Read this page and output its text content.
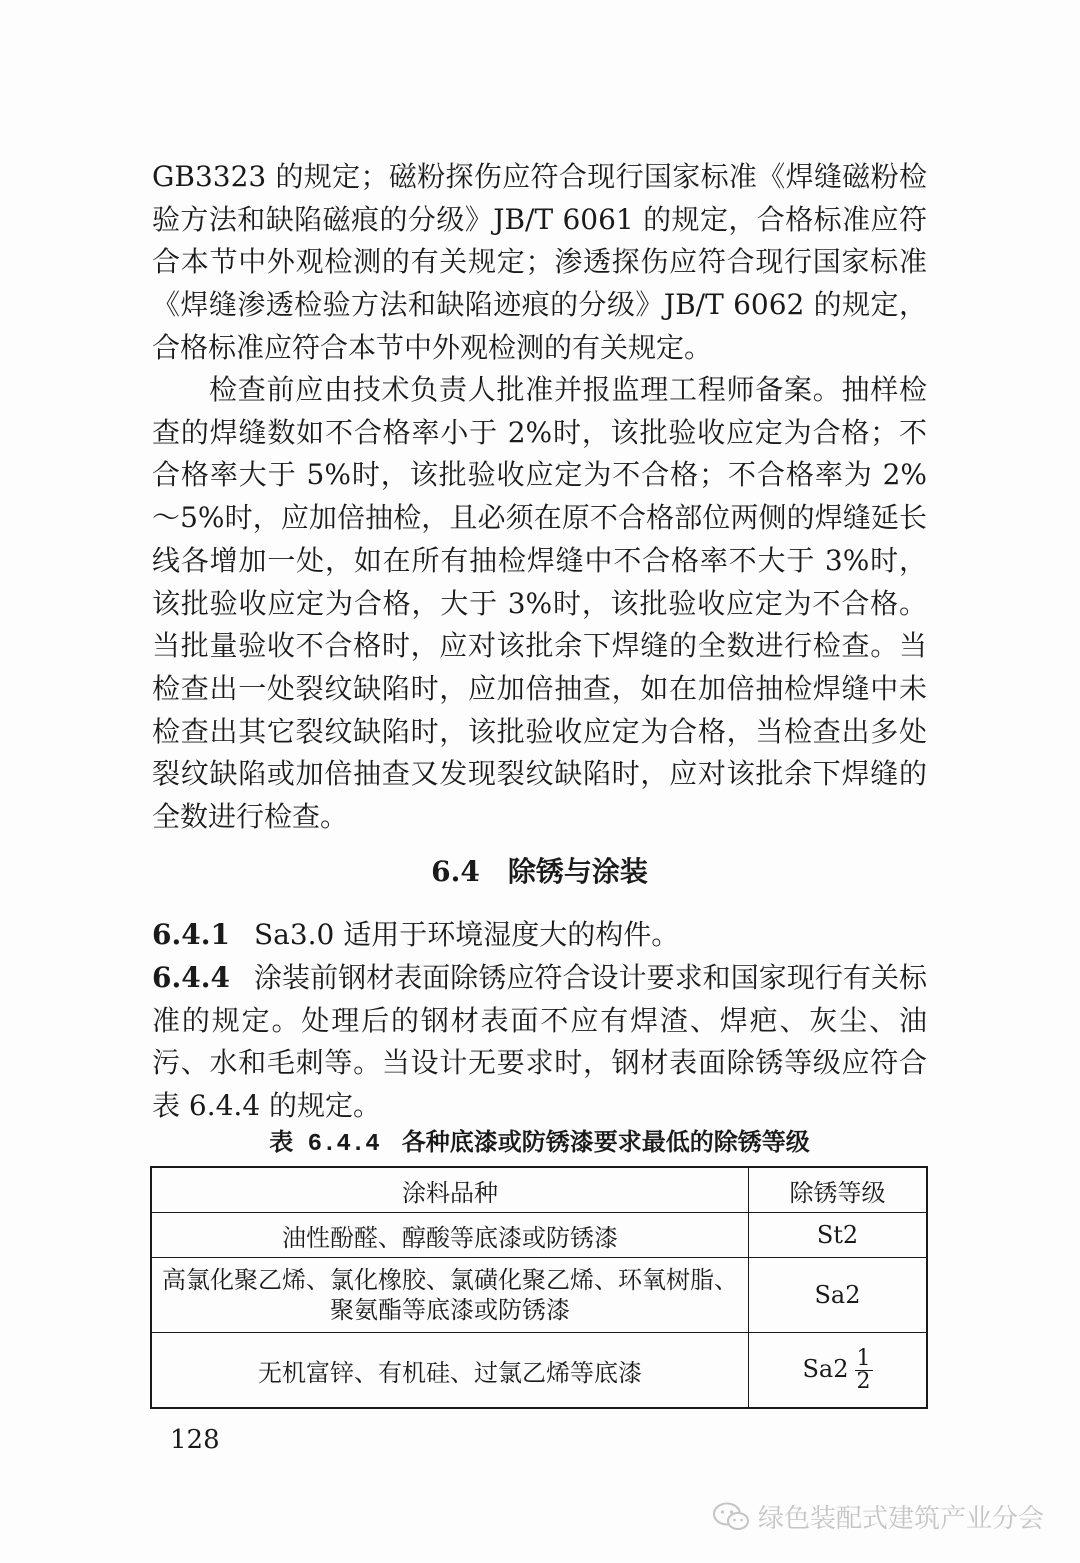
GB3323 的规定；磁粉探伤应符合现行国家标准《焊缝磁粉检验方法和缺陷磁痕的分级》JB/T 6061 的规定，合格标准应符合本节中外观检测的有关规定；渗透探伤应符合现行国家标准《焊缝渗透检验方法和缺陷迹痕的分级》JB/T 6062 的规定，合格标准应符合本节中外观检测的有关规定。

检查前应由技术负责人批准并报监理工程师备案。抽样检查的焊缝数如不合格率小于 2%时，该批验收应定为合格；不合格率大于 5%时，该批验收应定为不合格；不合格率为 2%～5%时，应加倍抽检，且必须在原不合格部位两侧的焊缝延长线各增加一处，如在所有抽检焊缝中不合格率不大于 3%时，该批验收应定为合格，大于 3%时，该批验收应定为不合格。当批量验收不合格时，应对该批余下焊缝的全数进行检查。当检查出一处裂纹缺陷时，应加倍抽查，如在加倍抽检焊缝中未检查出其它裂纹缺陷时，该批验收应定为合格，当检查出多处裂纹缺陷或加倍抽查又发现裂纹缺陷时，应对该批余下焊缝的全数进行检查。

6.4 除锈与涂装

6.4.1 Sa3.0 适用于环境湿度大的构件。

6.4.4 涂装前钢材表面除锈应符合设计要求和国家现行有关标准的规定。处理后的钢材表面不应有焊渣、焊疤、灰尘、油污、水和毛刺等。当设计无要求时，钢材表面除锈等级应符合表 6.4.4 的规定。

表 6.4.4 各种底漆或防锈漆要求最低的除锈等级
涂料品种	除锈等级
油性酚醛、醇酸等底漆或防锈漆	St2
高氯化聚乙烯、氯化橡胶、氯磺化聚乙烯、环氧树脂、
聚氨酯等底漆或防锈漆	Sa2
无机富锌、有机硅、过氯乙烯等底漆	$Sa2 \frac{1}{2}$
128
绿色装配式建筑产业分会
